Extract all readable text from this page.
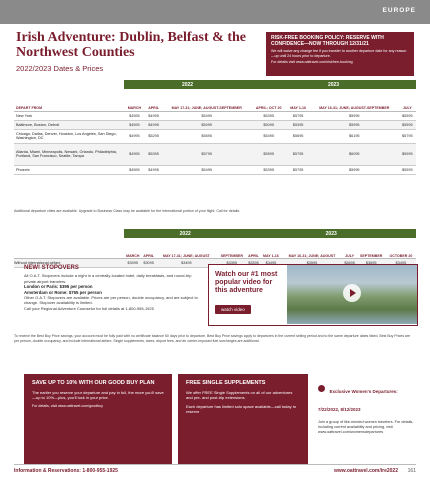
EUROPE
Irish Adventure: Dublin, Belfast & the Northwest Counties
2022/2023 Dates & Prices
RISK-FREE BOOKING POLICY: RESERVE WITH CONFIDENCE—NOW THROUGH 12/31/21
We will waive any change fee if you transfer to another departure date for any reason—up until 24 hours prior to departure.
For details visit www.oattravel.com/riskfree-booking
	2022			2023			
DEPART FROM	MARCH	APRIL	MAY 17-31; JUNE; AUGUST-SEPTEMBER	APRIL; OCT 20	MAY 1-16	MAY 16-31; JUNE; AUGUST-SEPTEMBER	JULY
New York	$4595	$4995	$5495	$5395	$5795	$5995	$5595
Baltimore, Boston, Detroit	$4595	$4995	$5095	$5095	$5395	$5995	$5595
Chicago, Dallas, Denver, Houston, Los Angeles, San Diego, Washington, DC	$4995	$5295	$5695	$5495	$5695	$6195	$5795
Atlanta, Miami, Minneapolis, Newark, Orlando, Philadelphia, Portland, San Francisco, Seattle, Tampa	$4995	$5395	$5795	$5595	$5795	$6095	$5995
Phoenix	$4595	$4995	$5495	$5395	$5795	$5995	$5595
Additional departure cities are available. Upgrade to Business Class may be available for the international portion of your flight. Call for details.
	2022				2023					
	MARCH	APRIL	MAY 17-31; JUNE; AUGUST	SEPTEMBER	APRIL	MAY 1-16	MAY 16-31; JUNE; AUGUST	JULY	SEPTEMBER	OCTOBER 20
Without international airfare	$3095	$3095	$3495	$3395	$3395	$3495	$3595	$3695	$3695	$3495
NEW! STOPOVERS
All O.A.T. Stopovers include a night in a centrally-located hotel, daily breakfasts, and round-trip private airport transfers.
London or Paris: $395 per person
Amsterdam or Rome: $755 per person
Other O.A.T. Stopovers are available. Prices are per person, double occupancy, and are subject to change. Stopover availability is limited.
Call your Regional Adventure Counselor for full details at 1-800-955-1925
Watch our #1 most popular video for this adventure
watch video
To receive the Best Buy Price savings, your account must be fully paid with no certificate balance 60 days prior to departure. Best Buy Price savings apply to departures in the current selling period and to the same departure dates listed. Best Buy Prices are per person, double occupancy, and include international airfare. Single supplements, taxes, airport fees, and air carrier-imposed fuel surcharges are additional.
SAVE UP TO 10% WITH OUR GOOD BUY PLAN
The earlier you reserve your departure and pay in full, the more you'll save—up to 10%—plus, you'll lock in your price.
For details, visit www.oattravel.com/goodbuy
FREE SINGLE SUPPLEMENTS
We offer FREE Single Supplements on all of our adventures and pre- and post-trip extensions.
Each departure has limited solo space available—call today to reserve
Exclusive Women's Departures: 7/22/2022, 8/12/2023
Join a group of like-minded women travelers. For details, including current availability and pricing, visit www.oattravel.com/womensdepartures
Information & Reservations: 1-800-955-1925	www.oattravel.com/ire2022 161
